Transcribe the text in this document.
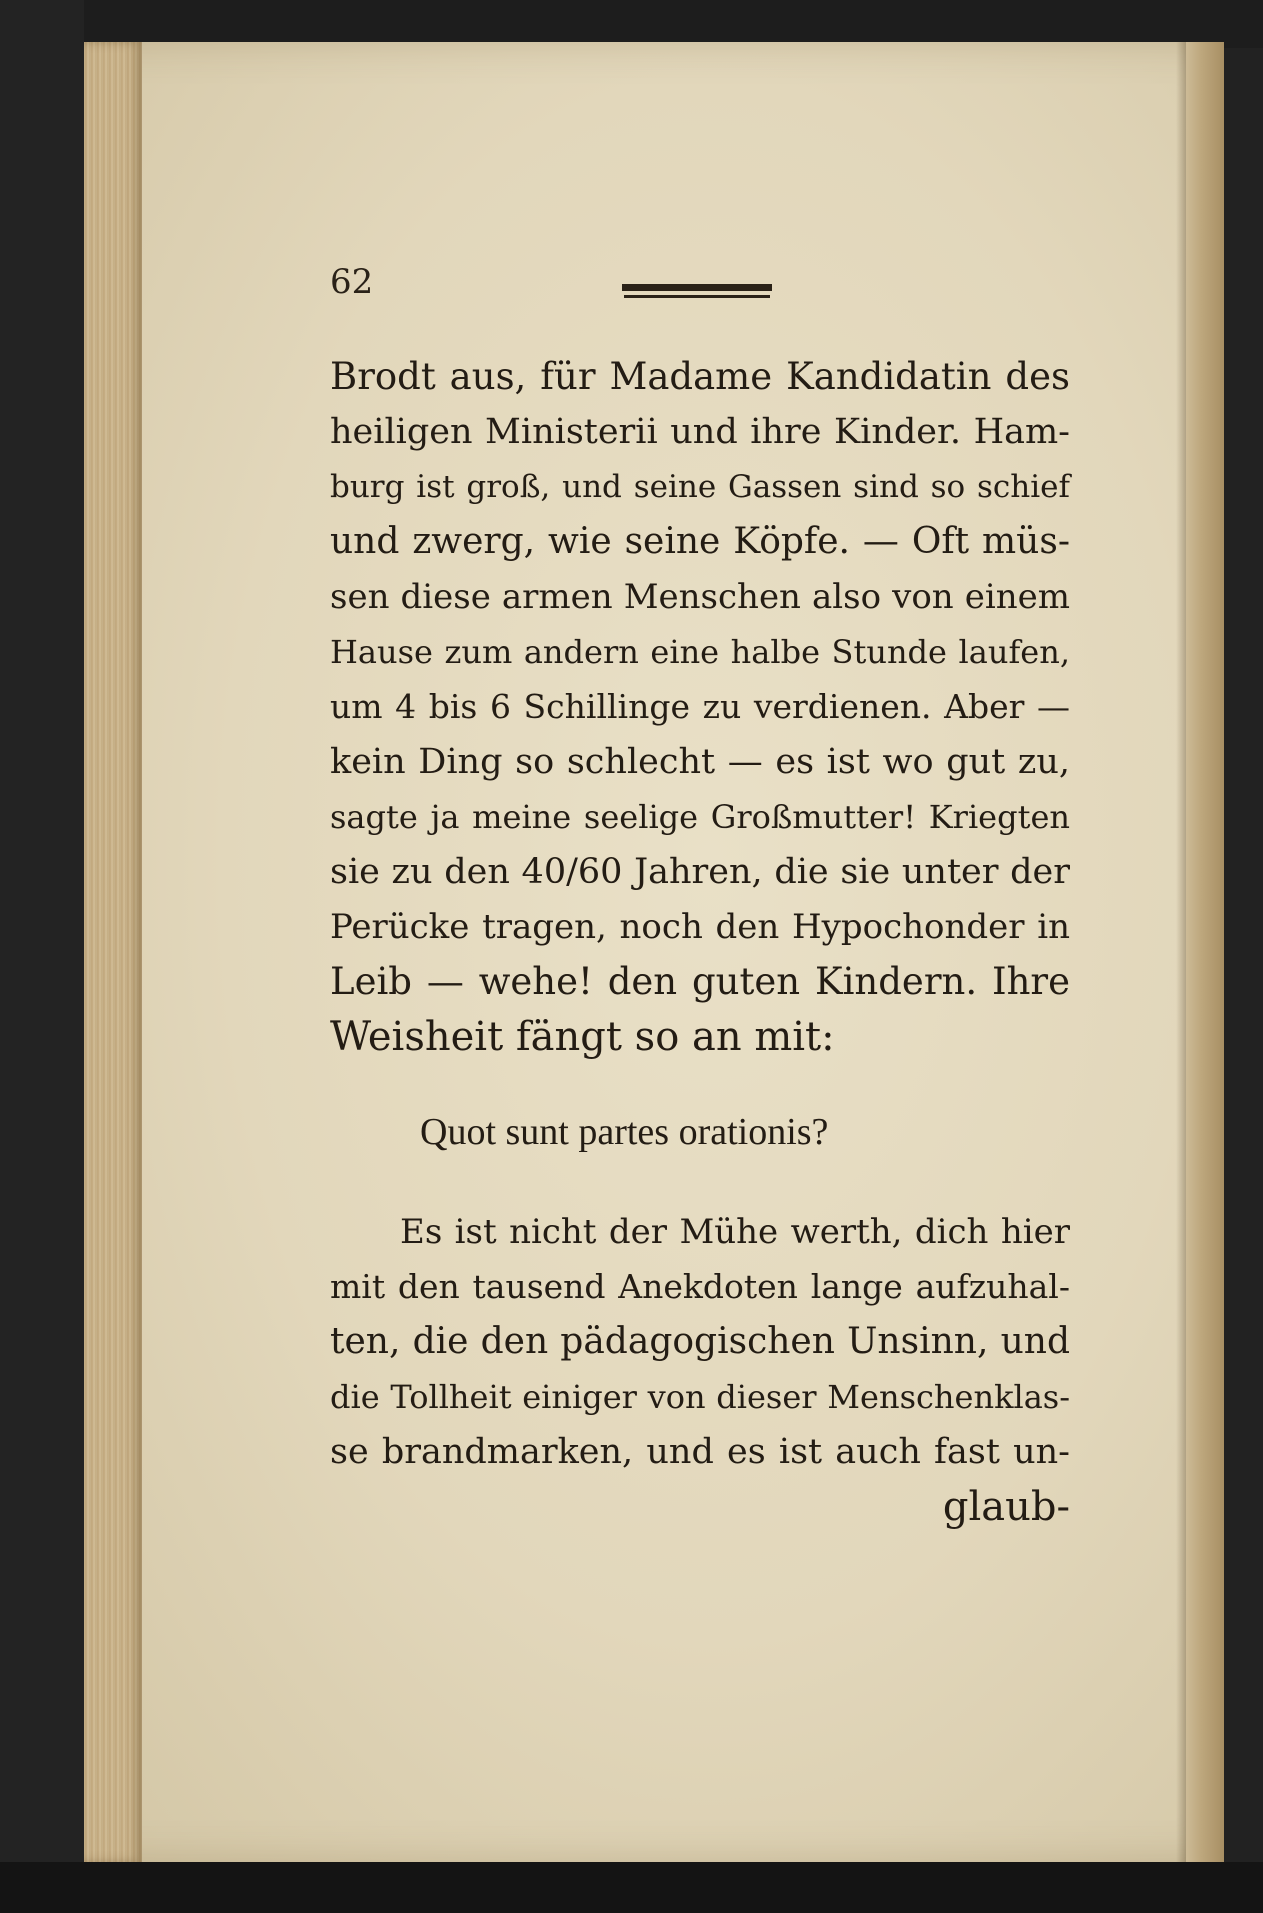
62
Brodt aus, für Madame Kandidatin des
heiligen Ministerii und ihre Kinder. Ham-
burg ist groß, und seine Gassen sind so schief
und zwerg, wie seine Köpfe. — Oft müs-
sen diese armen Menschen also von einem
Hause zum andern eine halbe Stunde laufen,
um 4 bis 6 Schillinge zu verdienen. Aber —
kein Ding so schlecht — es ist wo gut zu,
sagte ja meine seelige Großmutter! Kriegten
sie zu den 40/60 Jahren, die sie unter der
Perücke tragen, noch den Hypochonder in
Leib — wehe! den guten Kindern. Ihre
Weisheit fängt so an mit:
Quot sunt partes orationis?
Es ist nicht der Mühe werth, dich hier
mit den tausend Anekdoten lange aufzuhal-
ten, die den pädagogischen Unsinn, und
die Tollheit einiger von dieser Menschenklas-
se brandmarken, und es ist auch fast un-
glaub-
